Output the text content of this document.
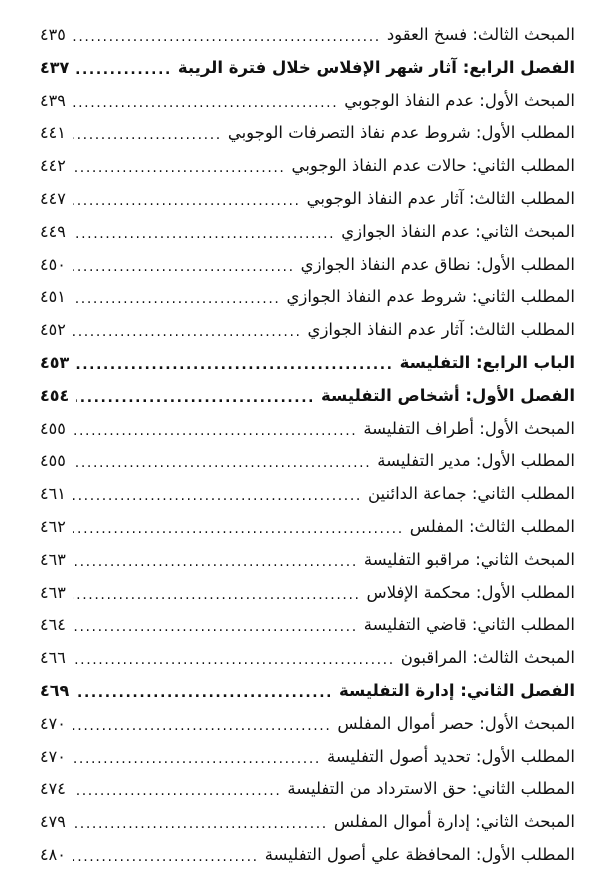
المبحث الثالث: فسخ العقود
.....
٤٣٥
الفصل الرابع: آثار شهر الإفلاس خلال فترة الريبة
.....
٤٣٧
المبحث الأول: عدم النفاذ الوجوبي
.....
٤٣٩
المطلب الأول: شروط عدم نفاذ التصرفات الوجوبي
.....
٤٤١
المطلب الثاني: حالات عدم النفاذ الوجوبي
.....
٤٤٢
المطلب الثالث: آثار عدم النفاذ الوجوبي
.....
٤٤٧
المبحث الثاني: عدم النفاذ الجوازي
.....
٤٤٩
المطلب الأول: نطاق عدم النفاذ الجوازي
.....
٤٥٠
المطلب الثاني: شروط عدم النفاذ الجوازي
.....
٤٥١
المطلب الثالث: آثار عدم النفاذ الجوازي
.....
٤٥٢
الباب الرابع: التفليسة
.....
٤٥٣
الفصل الأول: أشخاص التفليسة
.....
٤٥٤
المبحث الأول: أطراف التفليسة
.....
٤٥٥
المطلب الأول: مدير التفليسة
.....
٤٥٥
المطلب الثاني: جماعة الدائنين
.....
٤٦١
المطلب الثالث: المفلس
.....
٤٦٢
المبحث الثاني: مراقبو التفليسة
.....
٤٦٣
المطلب الأول: محكمة الإفلاس
.....
٤٦٣
المطلب الثاني: قاضي التفليسة
.....
٤٦٤
المبحث الثالث: المراقبون
.....
٤٦٦
الفصل الثاني: إدارة التفليسة
.....
٤٦٩
المبحث الأول: حصر أموال المفلس
.....
٤٧٠
المطلب الأول: تحديد أصول التفليسة
.....
٤٧٠
المطلب الثاني: حق الاسترداد من التفليسة
.....
٤٧٤
المبحث الثاني: إدارة أموال المفلس
.....
٤٧٩
المطلب الأول: المحافظة علي أصول التفليسة
.....
٤٨٠
